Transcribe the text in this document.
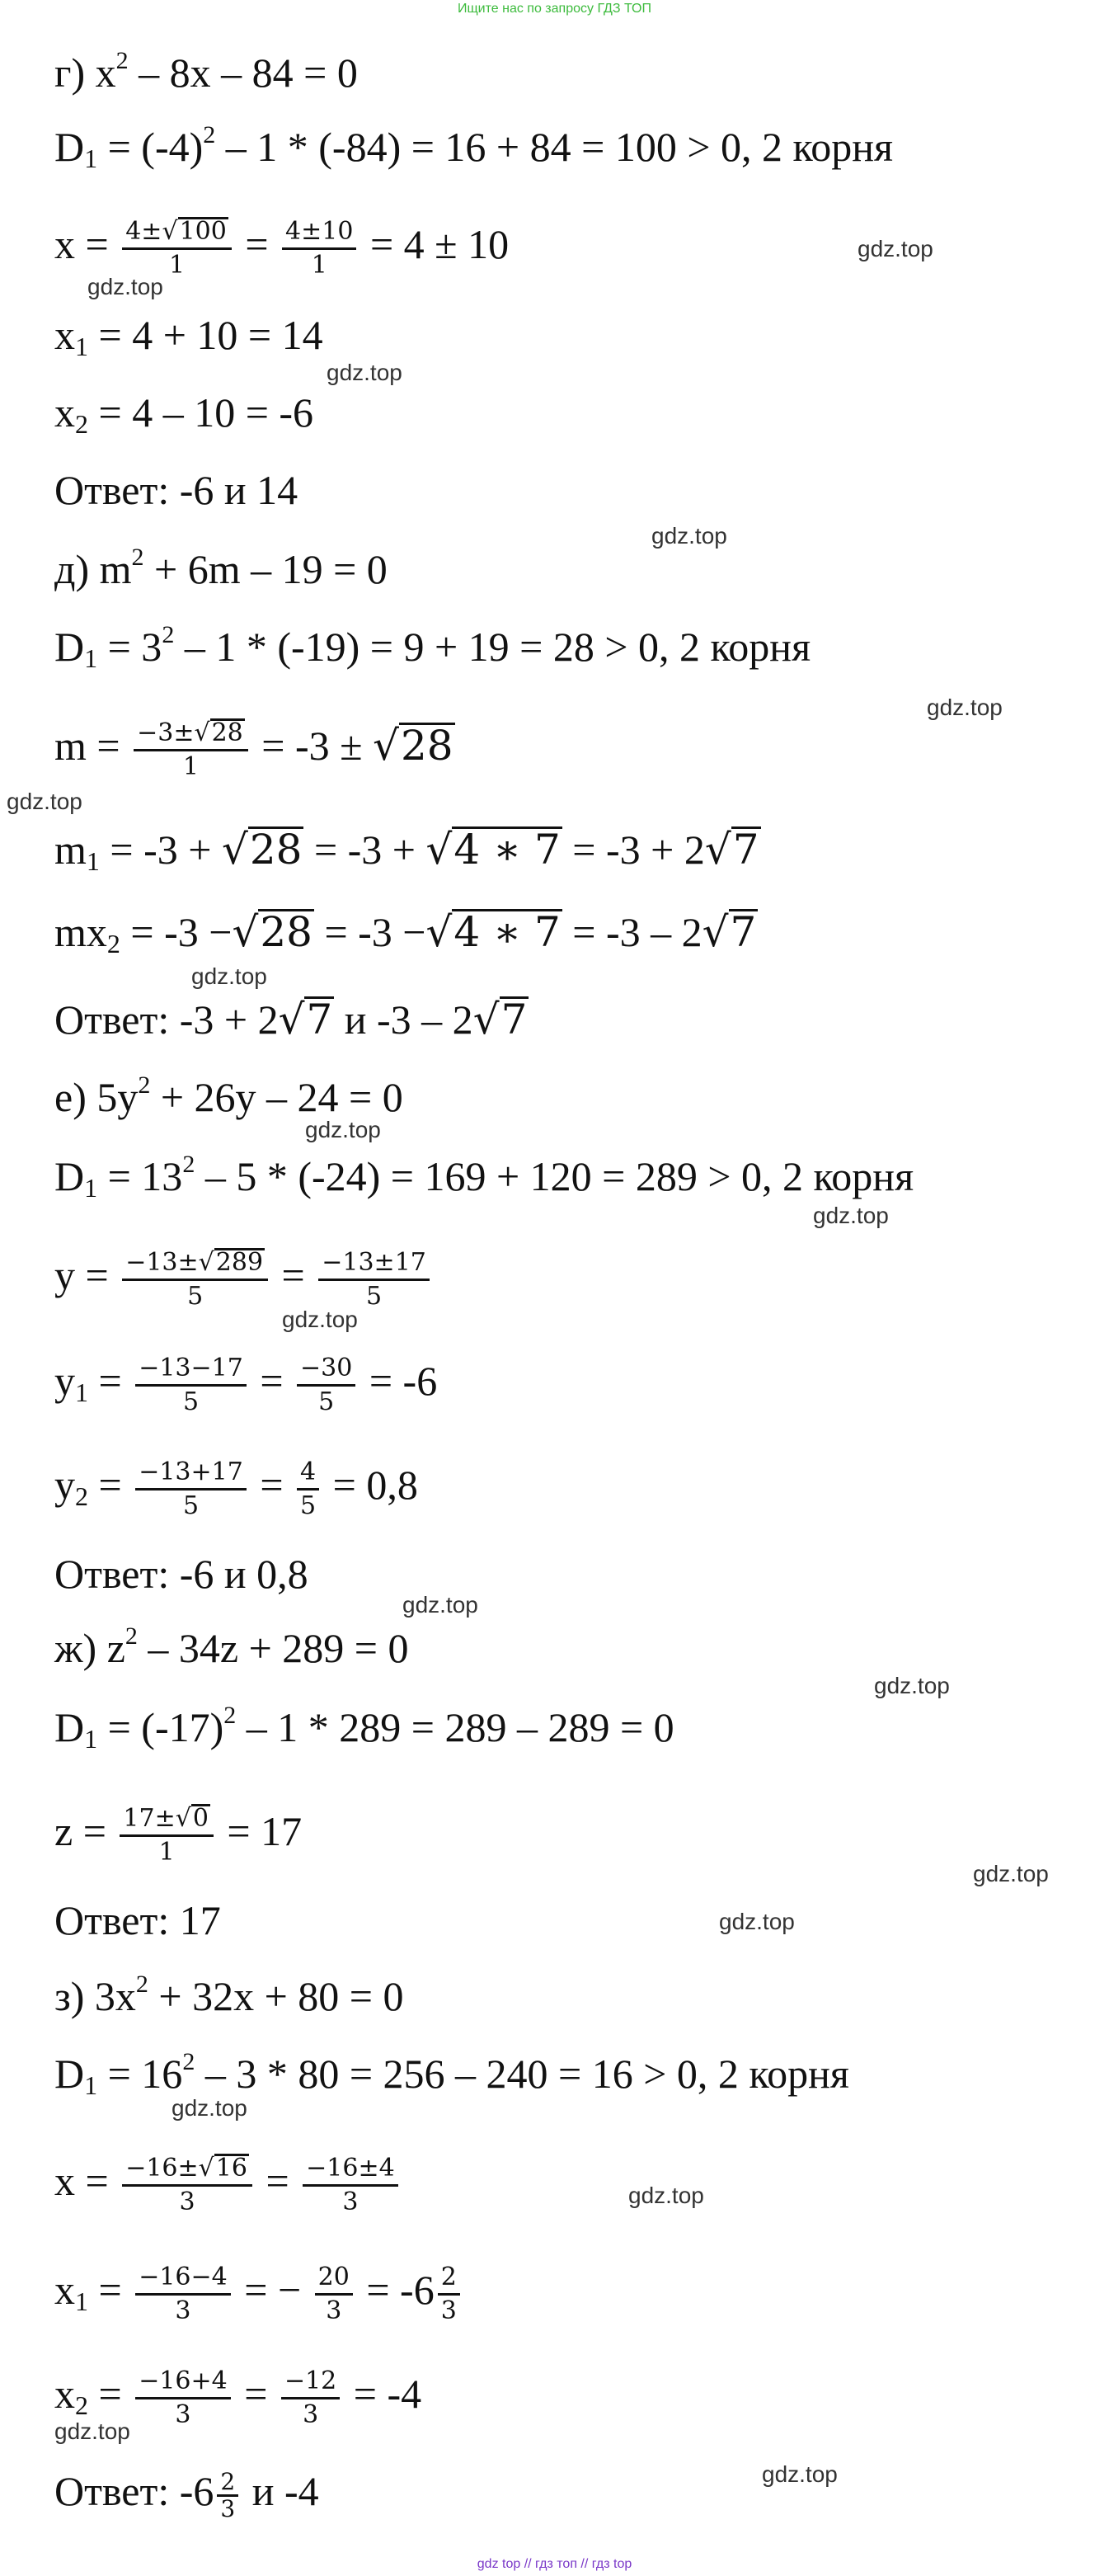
Ищите нас по запросу ГДЗ ТОП
г) $x^2 - 8x - 84 = 0$
$D_1 = (-4)^2 - 1 * (-84) = 16 + 84 = 100 > 0$, 2 корня
$x = \frac{4\pm√100}{1} = \frac{4\pm 10}{1} = 4 \pm 10$
$x_1 = 4 + 10 = 14$
$x_2 = 4 - 10 = -6$
Ответ: -6 и 14
д) $m^2 + 6m - 19 = 0$
$D_1 = 3^2 - 1 * (-19) = 9 + 19 = 28 > 0$, 2 корня
$m = \frac{-3\pm√28}{1} = -3 \pm √28$
$m_1 = -3 + √28 = -3 + √4$ ∗ 7 = -3 + 2√7
$mx_2 = -3 -√28 = -3 -√4$ ∗ 7 = -3 – 2√7
Ответ: -3 + 2√7 и -3 – 2√7
е) $5y^2 + 26y - 24 = 0$
$D_1 = 13^2 - 5 * (-24) = 169 + 120 = 289 > 0$, 2 корня
$y = \frac{-13\pm√289}{5} = \frac{-13\pm 17}{5}$
$y_1 = \frac{-13-17}{5} = \frac{-30}{5} = -6$
$y_2 = \frac{-13+17}{5} = \frac{4}{5} = 0,8$
Ответ: -6 и 0,8
ж) $z^2 - 34z + 289 = 0$
$D_1 = (-17)^2 - 1 * 289 = 289 - 289 = 0$
$z = \frac{17\pm√0}{1} = 17$
Ответ: 17
з) $3x^2 + 32x + 80 = 0$
$D_1 = 16^2 - 3 * 80 = 256 - 240 = 16 > 0$, 2 корня
$x = \frac{-16\pm√16}{3} = \frac{-16\pm 4}{3}$
$x_1 = \frac{-16-4}{3}$ = − $\frac{20}{3} = -6 \frac{2}{3}$
$x_2 = \frac{-16+4}{3} = \frac{-12}{3} = -4$
Ответ: $-6 \frac{2}{3}$ и -4
gdz.top
gdz.top
gdz.top
gdz.top
gdz.top
gdz.top
gdz.top
gdz.top
gdz.top
gdz.top
gdz.top
gdz.top
gdz.top
gdz.top
gdz.top
gdz.top
gdz.top
gdz.top
gdz top // гдз топ // гдз top
